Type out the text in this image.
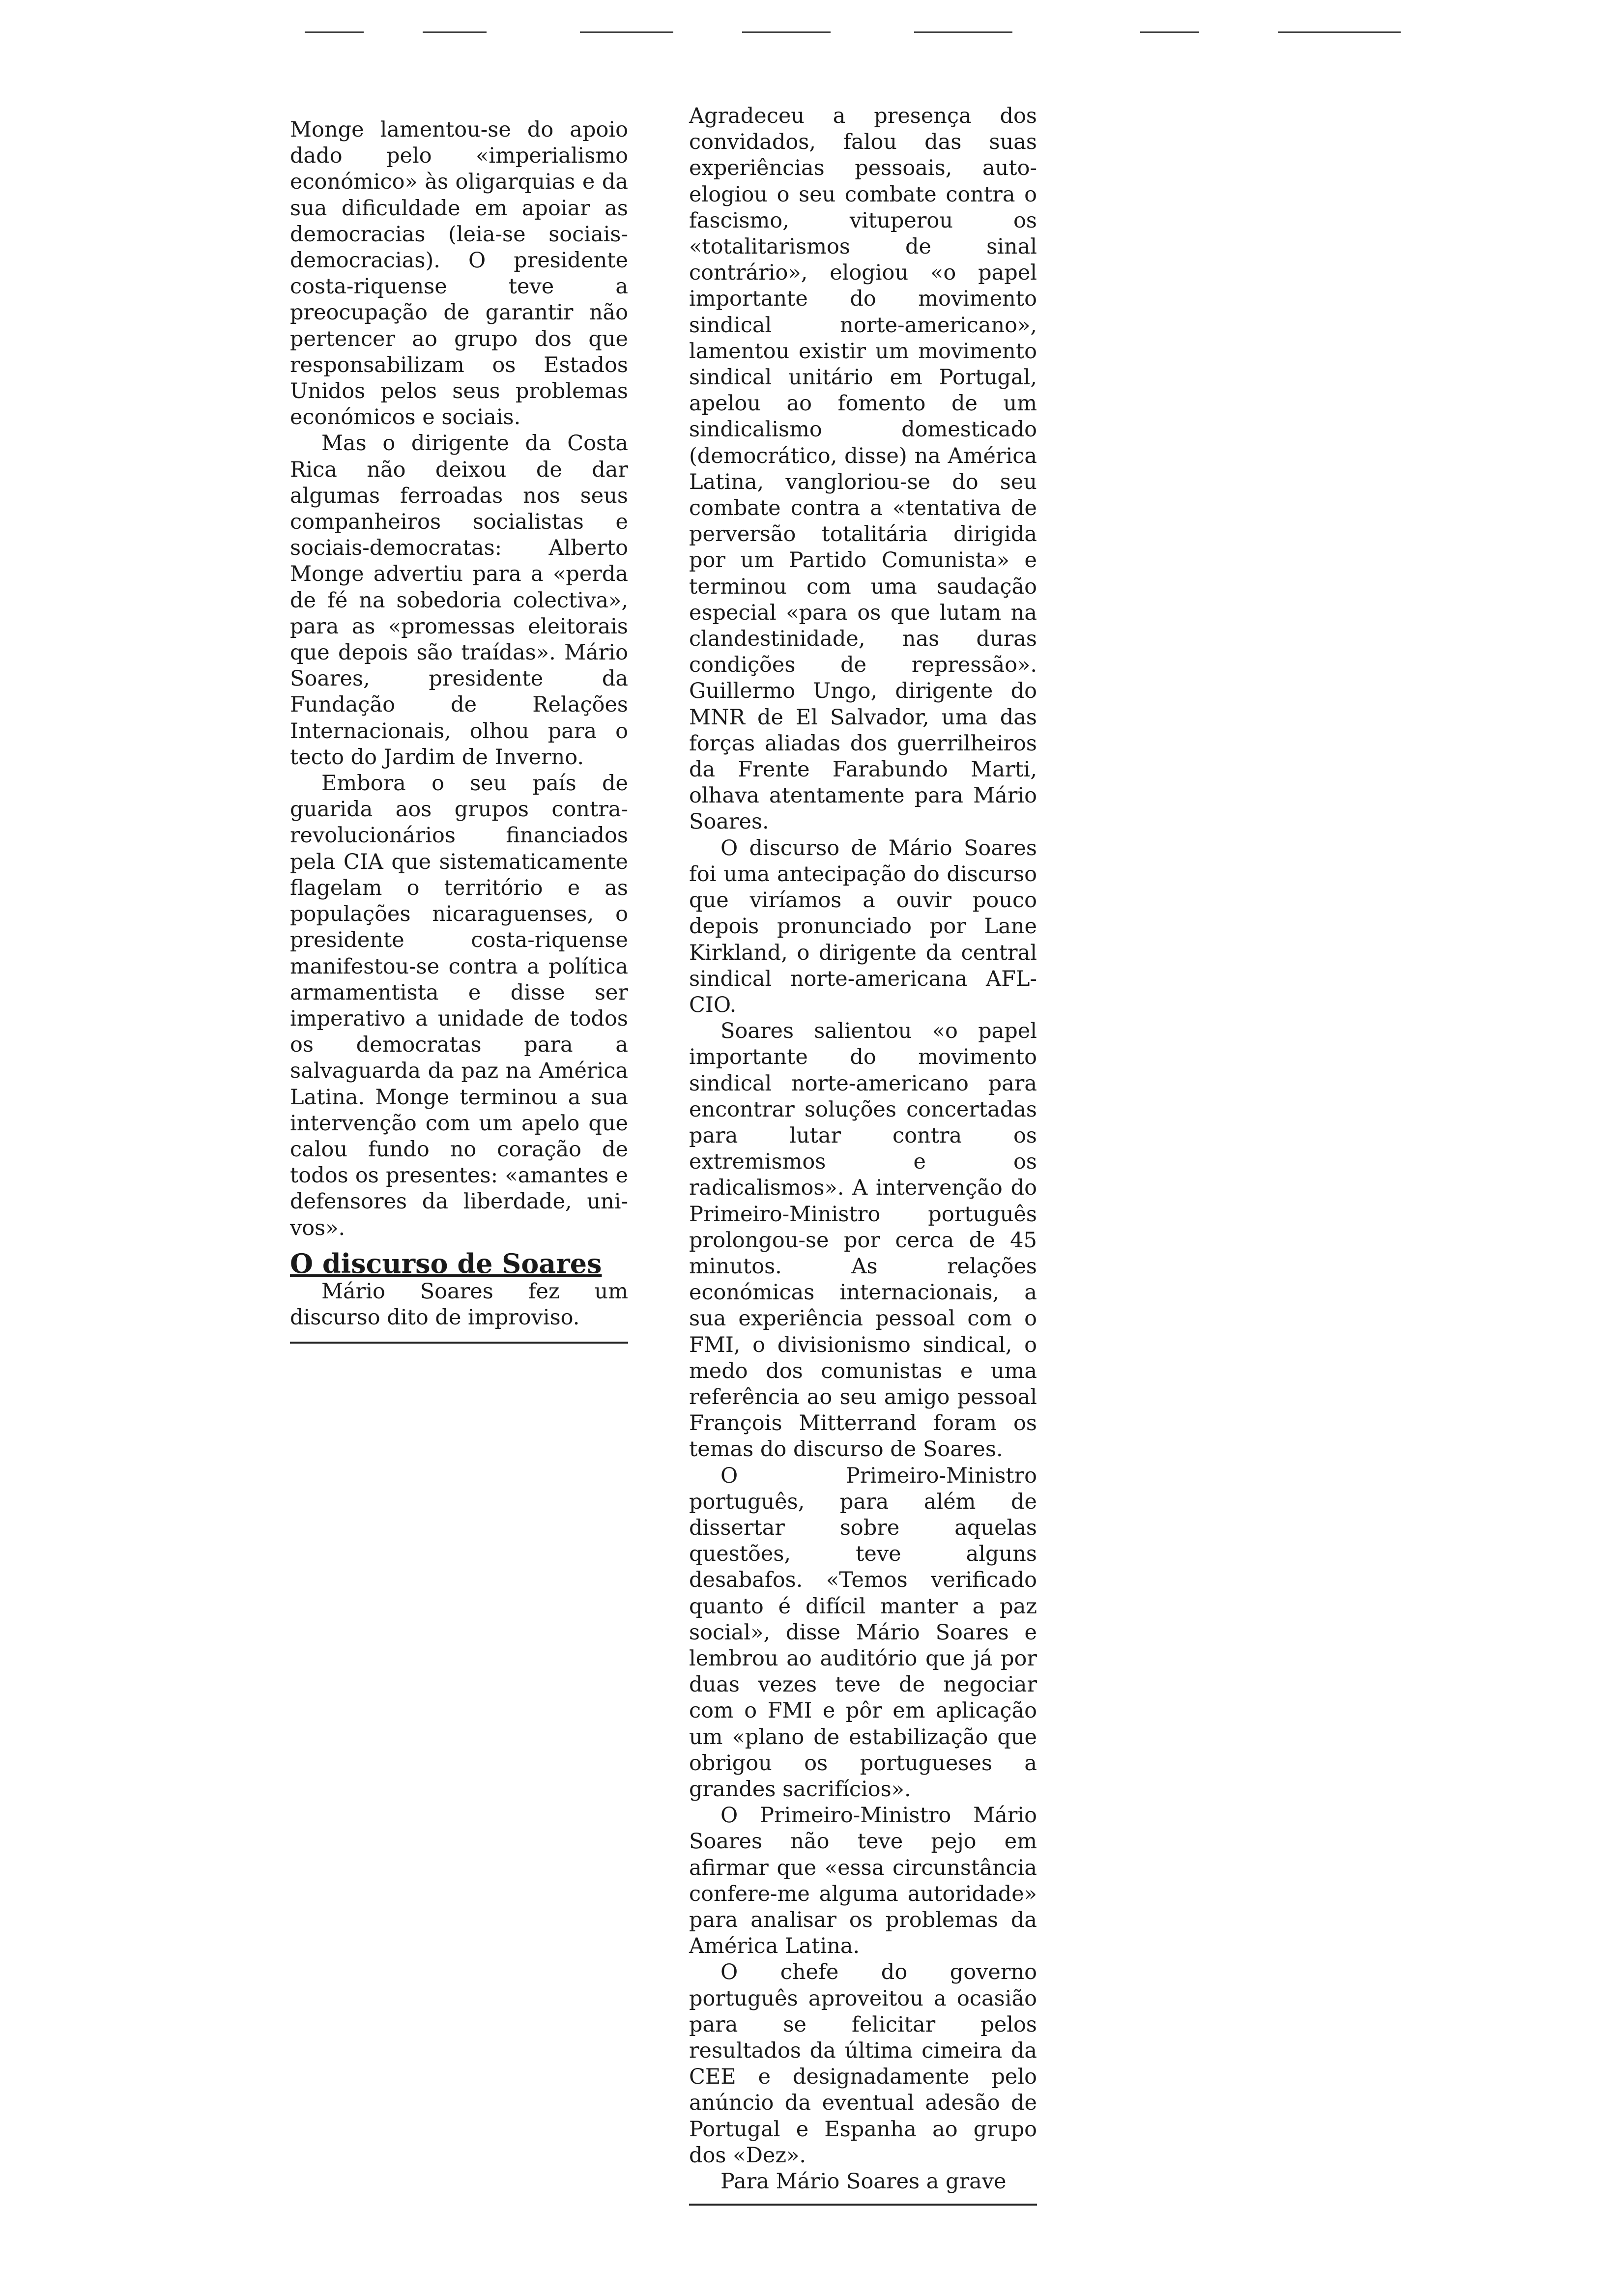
Monge lamentou-se do apoio dado pelo «imperialismo económico» às oligarquias e da sua dificuldade em apoiar as democracias (leia-se sociais-democracias). O presidente costa-riquense teve a preocupação de garantir não pertencer ao grupo dos que responsabilizam os Estados Unidos pelos seus problemas económicos e sociais.

Mas o dirigente da Costa Rica não deixou de dar algumas ferroadas nos seus companheiros socialistas e sociais-democratas: Alberto Monge advertiu para a «perda de fé na sobedoria colectiva», para as «promessas eleitorais que depois são traídas». Mário Soares, presidente da Fundação de Relações Internacionais, olhou para o tecto do Jardim de Inverno.

Embora o seu país de guarida aos grupos contra-revolucionários financiados pela CIA que sistematicamente flagelam o território e as populações nicaraguenses, o presidente costa-riquense manifestou-se contra a política armamentista e disse ser imperativo a unidade de todos os democratas para a salvaguarda da paz na América Latina. Monge terminou a sua intervenção com um apelo que calou fundo no coração de todos os presentes: «amantes e defensores da liberdade, uni-vos».

O discurso de Soares

Mário Soares fez um discurso dito de improviso.

Agradeceu a presença dos convidados, falou das suas experiências pessoais, auto-elogiou o seu combate contra o fascismo, vituperou os «totalitarismos de sinal contrário», elogiou «o papel importante do movimento sindical norte-americano», lamentou existir um movimento sindical unitário em Portugal, apelou ao fomento de um sindicalismo domesticado (democrático, disse) na América Latina, vangloriou-se do seu combate contra a «tentativa de perversão totalitária dirigida por um Partido Comunista» e terminou com uma saudação especial «para os que lutam na clandestinidade, nas duras condições de repressão». Guillermo Ungo, dirigente do MNR de El Salvador, uma das forças aliadas dos guerrilheiros da Frente Farabundo Marti, olhava atentamente para Mário Soares.

O discurso de Mário Soares foi uma antecipação do discurso que viríamos a ouvir pouco depois pronunciado por Lane Kirkland, o dirigente da central sindical norte-americana AFL-CIO.

Soares salientou «o papel importante do movimento sindical norte-americano para encontrar soluções concertadas para lutar contra os extremismos e os radicalismos». A intervenção do Primeiro-Ministro português prolongou-se por cerca de 45 minutos. As relações económicas internacionais, a sua experiência pessoal com o FMI, o divisionismo sindical, o medo dos comunistas e uma referência ao seu amigo pessoal François Mitterrand foram os temas do discurso de Soares.

O Primeiro-Ministro português, para além de dissertar sobre aquelas questões, teve alguns desabafos. «Temos verificado quanto é difícil manter a paz social», disse Mário Soares e lembrou ao auditório que já por duas vezes teve de negociar com o FMI e pôr em aplicação um «plano de estabilização que obrigou os portugueses a grandes sacrifícios».

O Primeiro-Ministro Mário Soares não teve pejo em afirmar que «essa circunstância confere-me alguma autoridade» para analisar os problemas da América Latina.

O chefe do governo português aproveitou a ocasião para se felicitar pelos resultados da última cimeira da CEE e designadamente pelo anúncio da eventual adesão de Portugal e Espanha ao grupo dos «Dez».

Para Mário Soares a grave
